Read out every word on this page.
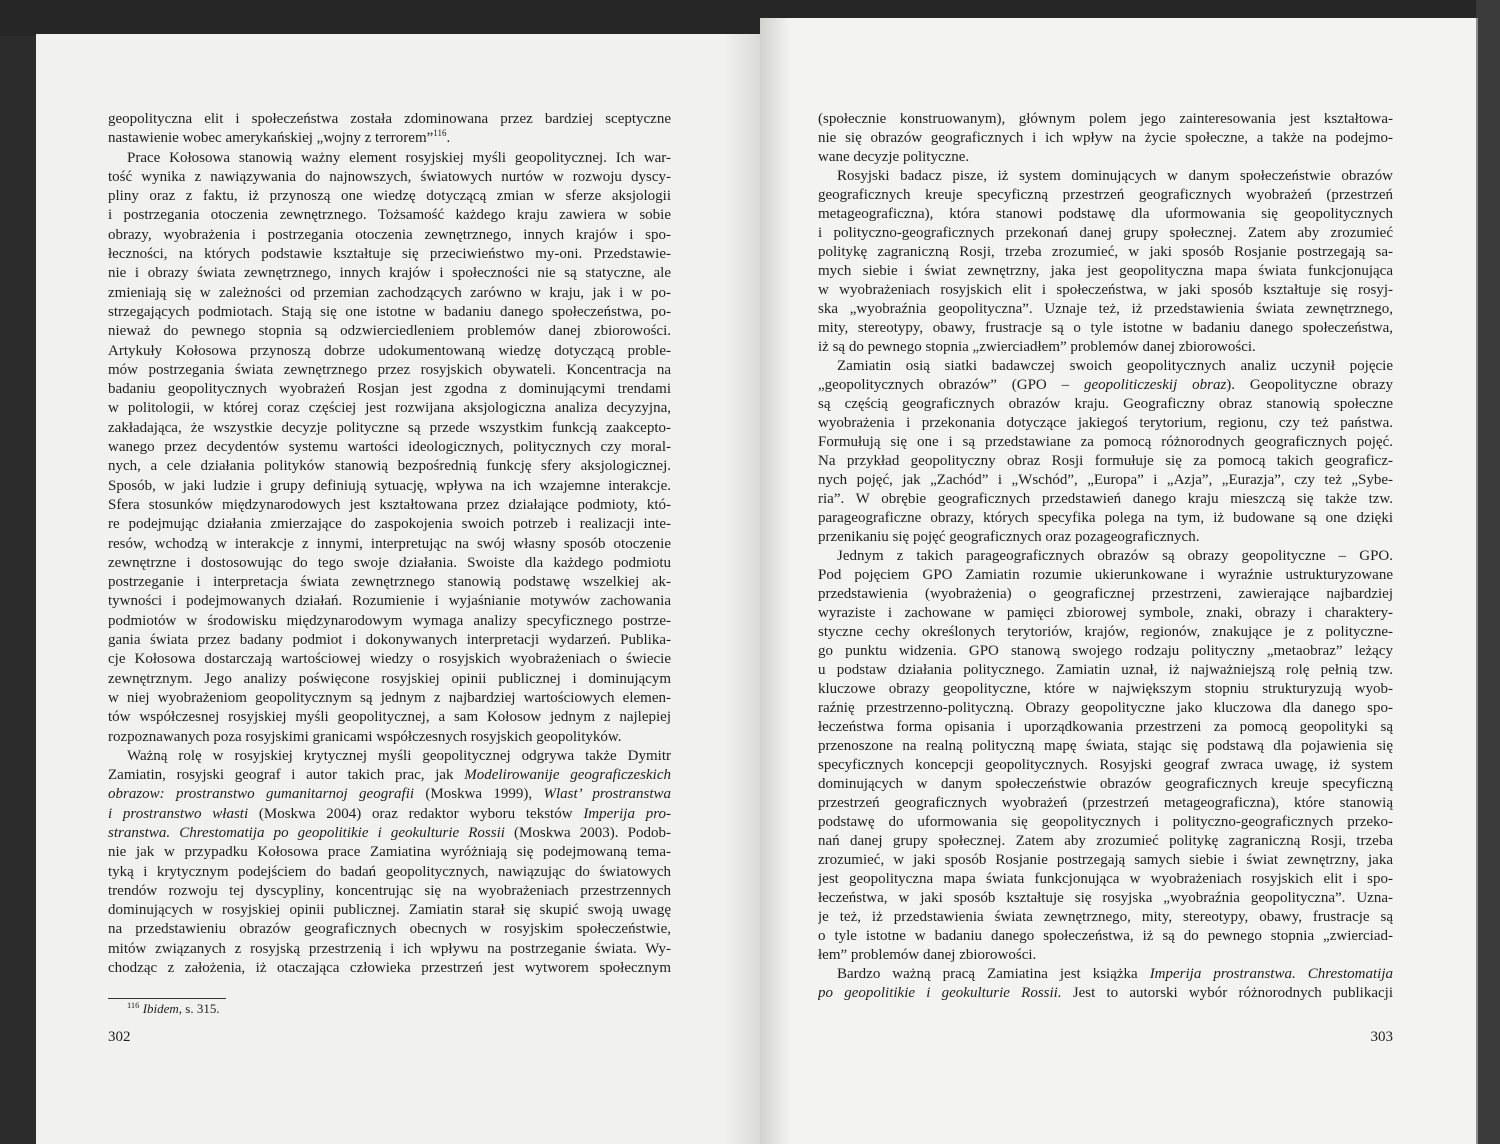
geopolityczna elit i społeczeństwa została zdominowana przez bardziej sceptyczne
nastawienie wobec amerykańskiej „wojny z terrorem”$^{116}$.
Prace Kołosowa stanowią ważny element rosyjskiej myśli geopolitycznej. Ich war-
tość wynika z nawiązywania do najnowszych, światowych nurtów w rozwoju dyscy-
pliny oraz z faktu, iż przynoszą one wiedzę dotyczącą zmian w sferze aksjologii
i postrzegania otoczenia zewnętrznego. Tożsamość każdego kraju zawiera w sobie
obrazy, wyobrażenia i postrzegania otoczenia zewnętrznego, innych krajów i spo-
łeczności, na których podstawie kształtuje się przeciwieństwo my-oni. Przedstawie-
nie i obrazy świata zewnętrznego, innych krajów i społeczności nie są statyczne, ale
zmieniają się w zależności od przemian zachodzących zarówno w kraju, jak i w po-
strzegających podmiotach. Stają się one istotne w badaniu danego społeczeństwa, po-
nieważ do pewnego stopnia są odzwierciedleniem problemów danej zbiorowości.
Artykuły Kołosowa przynoszą dobrze udokumentowaną wiedzę dotyczącą proble-
mów postrzegania świata zewnętrznego przez rosyjskich obywateli. Koncentracja na
badaniu geopolitycznych wyobrażeń Rosjan jest zgodna z dominującymi trendami
w politologii, w której coraz częściej jest rozwijana aksjologiczna analiza decyzyjna,
zakładająca, że wszystkie decyzje polityczne są przede wszystkim funkcją zaakcepto-
wanego przez decydentów systemu wartości ideologicznych, politycznych czy moral-
nych, a cele działania polityków stanowią bezpośrednią funkcję sfery aksjologicznej.
Sposób, w jaki ludzie i grupy definiują sytuację, wpływa na ich wzajemne interakcje.
Sfera stosunków międzynarodowych jest kształtowana przez działające podmioty, któ-
re podejmując działania zmierzające do zaspokojenia swoich potrzeb i realizacji inte-
resów, wchodzą w interakcje z innymi, interpretując na swój własny sposób otoczenie
zewnętrzne i dostosowując do tego swoje działania. Swoiste dla każdego podmiotu
postrzeganie i interpretacja świata zewnętrznego stanowią podstawę wszelkiej ak-
tywności i podejmowanych działań. Rozumienie i wyjaśnianie motywów zachowania
podmiotów w środowisku międzynarodowym wymaga analizy specyficznego postrze-
gania świata przez badany podmiot i dokonywanych interpretacji wydarzeń. Publika-
cje Kołosowa dostarczają wartościowej wiedzy o rosyjskich wyobrażeniach o świecie
zewnętrznym. Jego analizy poświęcone rosyjskiej opinii publicznej i dominującym
w niej wyobrażeniom geopolitycznym są jednym z najbardziej wartościowych elemen-
tów współczesnej rosyjskiej myśli geopolitycznej, a sam Kołosow jednym z najlepiej
rozpoznawanych poza rosyjskimi granicami współczesnych rosyjskich geopolityków.
Ważną rolę w rosyjskiej krytycznej myśli geopolitycznej odgrywa także Dymitr
Zamiatin, rosyjski geograf i autor takich prac, jak Modelirowanije geograficzeskich
obrazow: prostranstwo gumanitarnoj geografii (Moskwa 1999), Wlast’ prostranstwa
i prostranstwo własti (Moskwa 2004) oraz redaktor wyboru tekstów Imperija pro-
stranstwa. Chrestomatija po geopolitikie i geokulturie Rossii (Moskwa 2003). Podob-
nie jak w przypadku Kołosowa prace Zamiatina wyróżniają się podejmowaną tema-
tyką i krytycznym podejściem do badań geopolitycznych, nawiązując do światowych
trendów rozwoju tej dyscypliny, koncentrując się na wyobrażeniach przestrzennych
dominujących w rosyjskiej opinii publicznej. Zamiatin starał się skupić swoją uwagę
na przedstawieniu obrazów geograficznych obecnych w rosyjskim społeczeństwie,
mitów związanych z rosyjską przestrzenią i ich wpływu na postrzeganie świata. Wy-
chodząc z założenia, iż otaczająca człowieka przestrzeń jest wytworem społecznym
(społecznie konstruowanym), głównym polem jego zainteresowania jest kształtowa-
nie się obrazów geograficznych i ich wpływ na życie społeczne, a także na podejmo-
wane decyzje polityczne.
Rosyjski badacz pisze, iż system dominujących w danym społeczeństwie obrazów
geograficznych kreuje specyficzną przestrzeń geograficznych wyobrażeń (przestrzeń
metageograficzna), która stanowi podstawę dla uformowania się geopolitycznych
i polityczno-geograficznych przekonań danej grupy społecznej. Zatem aby zrozumieć
politykę zagraniczną Rosji, trzeba zrozumieć, w jaki sposób Rosjanie postrzegają sa-
mych siebie i świat zewnętrzny, jaka jest geopolityczna mapa świata funkcjonująca
w wyobrażeniach rosyjskich elit i społeczeństwa, w jaki sposób kształtuje się rosyj-
ska „wyobraźnia geopolityczna”. Uznaje też, iż przedstawienia świata zewnętrznego,
mity, stereotypy, obawy, frustracje są o tyle istotne w badaniu danego społeczeństwa,
iż są do pewnego stopnia „zwierciadłem” problemów danej zbiorowości.
Zamiatin osią siatki badawczej swoich geopolitycznych analiz uczynił pojęcie
„geopolitycznych obrazów” (GPO – geopoliticzeskij obraz). Geopolityczne obrazy
są częścią geograficznych obrazów kraju. Geograficzny obraz stanowią społeczne
wyobrażenia i przekonania dotyczące jakiegoś terytorium, regionu, czy też państwa.
Formułują się one i są przedstawiane za pomocą różnorodnych geograficznych pojęć.
Na przykład geopolityczny obraz Rosji formułuje się za pomocą takich geograficz-
nych pojęć, jak „Zachód” i „Wschód”, „Europa” i „Azja”, „Eurazja”, czy też „Sybe-
ria”. W obrębie geograficznych przedstawień danego kraju mieszczą się także tzw.
parageograficzne obrazy, których specyfika polega na tym, iż budowane są one dzięki
przenikaniu się pojęć geograficznych oraz pozageograficznych.
Jednym z takich parageograficznych obrazów są obrazy geopolityczne – GPO.
Pod pojęciem GPO Zamiatin rozumie ukierunkowane i wyraźnie ustrukturyzowane
przedstawienia (wyobrażenia) o geograficznej przestrzeni, zawierające najbardziej
wyraziste i zachowane w pamięci zbiorowej symbole, znaki, obrazy i charaktery-
styczne cechy określonych terytoriów, krajów, regionów, znakujące je z polityczne-
go punktu widzenia. GPO stanową swojego rodzaju polityczny „metaobraz” leżący
u podstaw działania politycznego. Zamiatin uznał, iż najważniejszą rolę pełnią tzw.
kluczowe obrazy geopolityczne, które w największym stopniu strukturyzują wyob-
raźnię przestrzenno-polityczną. Obrazy geopolityczne jako kluczowa dla danego spo-
łeczeństwa forma opisania i uporządkowania przestrzeni za pomocą geopolityki są
przenoszone na realną polityczną mapę świata, stając się podstawą dla pojawienia się
specyficznych koncepcji geopolitycznych. Rosyjski geograf zwraca uwagę, iż system
dominujących w danym społeczeństwie obrazów geograficznych kreuje specyficzną
przestrzeń geograficznych wyobrażeń (przestrzeń metageograficzna), które stanowią
podstawę do uformowania się geopolitycznych i polityczno-geograficznych przeko-
nań danej grupy społecznej. Zatem aby zrozumieć politykę zagraniczną Rosji, trzeba
zrozumieć, w jaki sposób Rosjanie postrzegają samych siebie i świat zewnętrzny, jaka
jest geopolityczna mapa świata funkcjonująca w wyobrażeniach rosyjskich elit i spo-
łeczeństwa, w jaki sposób kształtuje się rosyjska „wyobraźnia geopolityczna”. Uzna-
je też, iż przedstawienia świata zewnętrznego, mity, stereotypy, obawy, frustracje są
o tyle istotne w badaniu danego społeczeństwa, iż są do pewnego stopnia „zwierciad-
łem” problemów danej zbiorowości.
Bardzo ważną pracą Zamiatina jest książka Imperija prostranstwa. Chrestomatija
po geopolitikie i geokulturie Rossii. Jest to autorski wybór różnorodnych publikacji
$^{116}$ Ibidem, s. 315.
302	303
